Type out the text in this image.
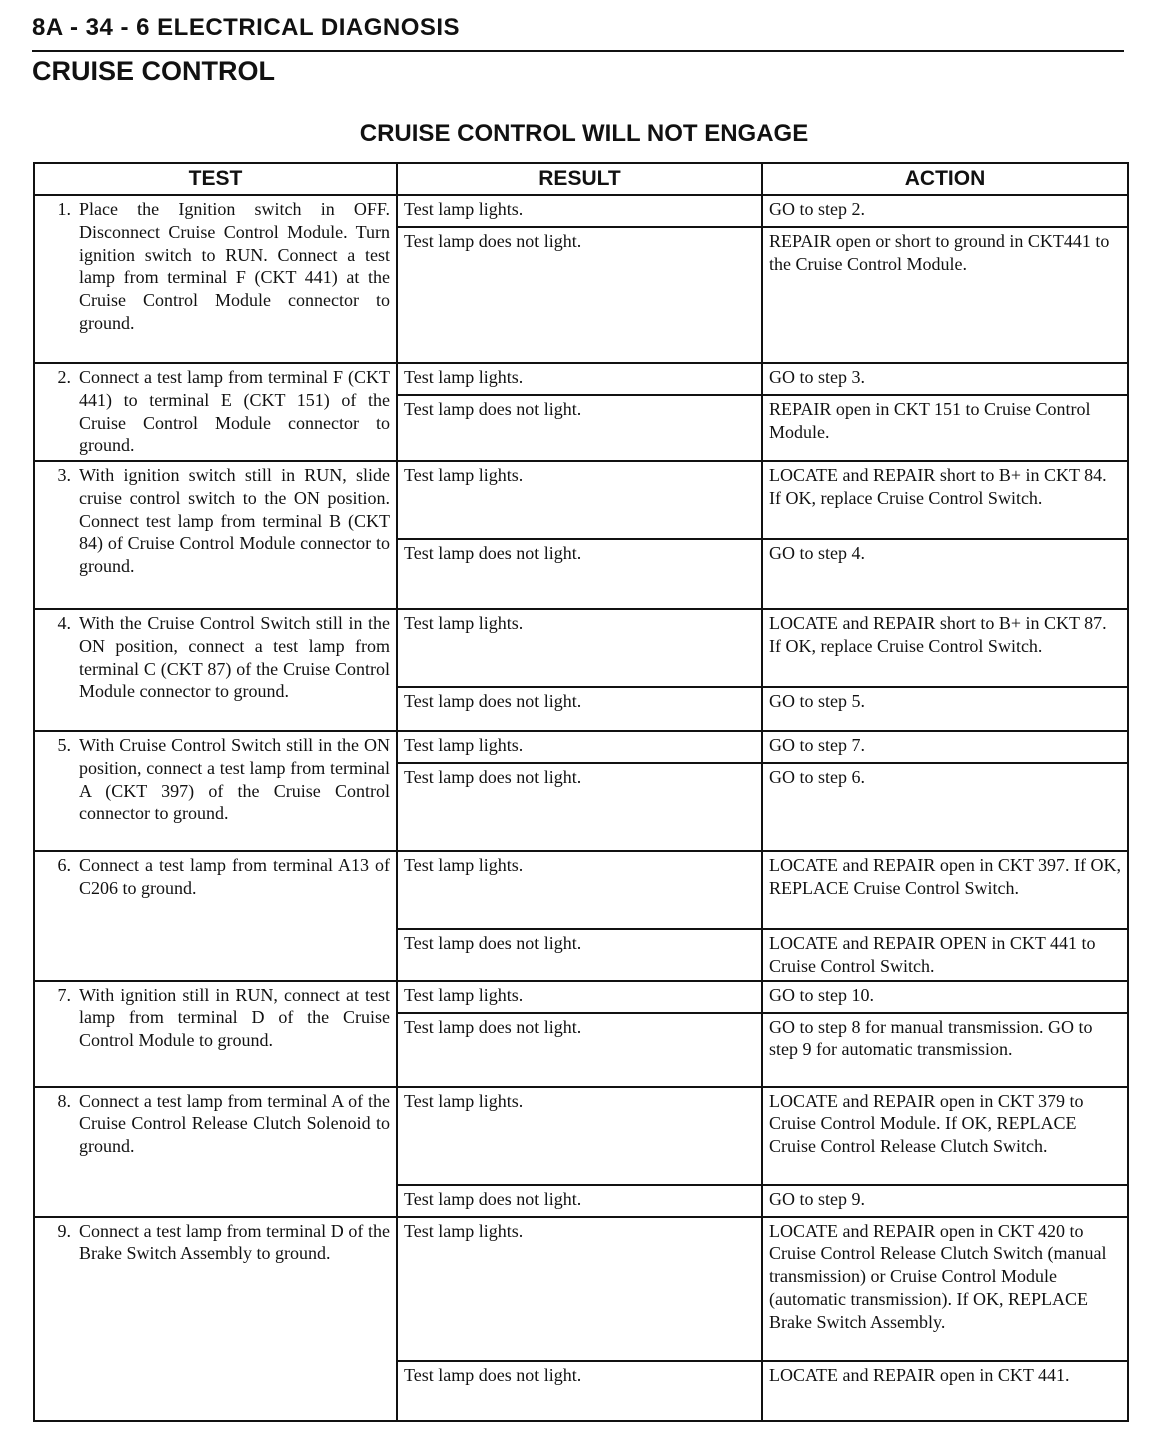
8A - 34 - 6 ELECTRICAL DIAGNOSIS
CRUISE CONTROL
CRUISE CONTROL WILL NOT ENGAGE
TEST	RESULT	ACTION

1. Place the Ignition switch in OFF. Disconnect Cruise Control Module. Turn ignition switch to RUN. Connect a test lamp from terminal F (CKT 441) at the Cruise Control Module connector to ground.	Test lamp lights.	GO to step 2.
	Test lamp does not light.	REPAIR open or short to ground in CKT441 to the Cruise Control Module.

2. Connect a test lamp from terminal F (CKT 441) to terminal E (CKT 151) of the Cruise Control Module connector to ground.	Test lamp lights.	GO to step 3.
	Test lamp does not light.	REPAIR open in CKT 151 to Cruise Control Module.

3. With ignition switch still in RUN, slide cruise control switch to the ON position. Connect test lamp from terminal B (CKT 84) of Cruise Control Module connector to ground.	Test lamp lights.	LOCATE and REPAIR short to B+ in CKT 84. If OK, replace Cruise Control Switch.
	Test lamp does not light.	GO to step 4.

4. With the Cruise Control Switch still in the ON position, connect a test lamp from terminal C (CKT 87) of the Cruise Control Module connector to ground.	Test lamp lights.	LOCATE and REPAIR short to B+ in CKT 87. If OK, replace Cruise Control Switch.
	Test lamp does not light.	GO to step 5.

5. With Cruise Control Switch still in the ON position, connect a test lamp from terminal A (CKT 397) of the Cruise Control connector to ground.	Test lamp lights.	GO to step 7.
	Test lamp does not light.	GO to step 6.

6. Connect a test lamp from terminal A13 of C206 to ground.	Test lamp lights.	LOCATE and REPAIR open in CKT 397. If OK, REPLACE Cruise Control Switch.
	Test lamp does not light.	LOCATE and REPAIR OPEN in CKT 441 to Cruise Control Switch.

7. With ignition still in RUN, connect at test lamp from terminal D of the Cruise Control Module to ground.	Test lamp lights.	GO to step 10.
	Test lamp does not light.	GO to step 8 for manual transmission. GO to step 9 for automatic transmission.

8. Connect a test lamp from terminal A of the Cruise Control Release Clutch Solenoid to ground.	Test lamp lights.	LOCATE and REPAIR open in CKT 379 to Cruise Control Module. If OK, REPLACE Cruise Control Release Clutch Switch.
	Test lamp does not light.	GO to step 9.

9. Connect a test lamp from terminal D of the Brake Switch Assembly to ground.	Test lamp lights.	LOCATE and REPAIR open in CKT 420 to Cruise Control Release Clutch Switch (manual transmission) or Cruise Control Module (automatic transmission). If OK, REPLACE Brake Switch Assembly.
	Test lamp does not light.	LOCATE and REPAIR open in CKT 441.
